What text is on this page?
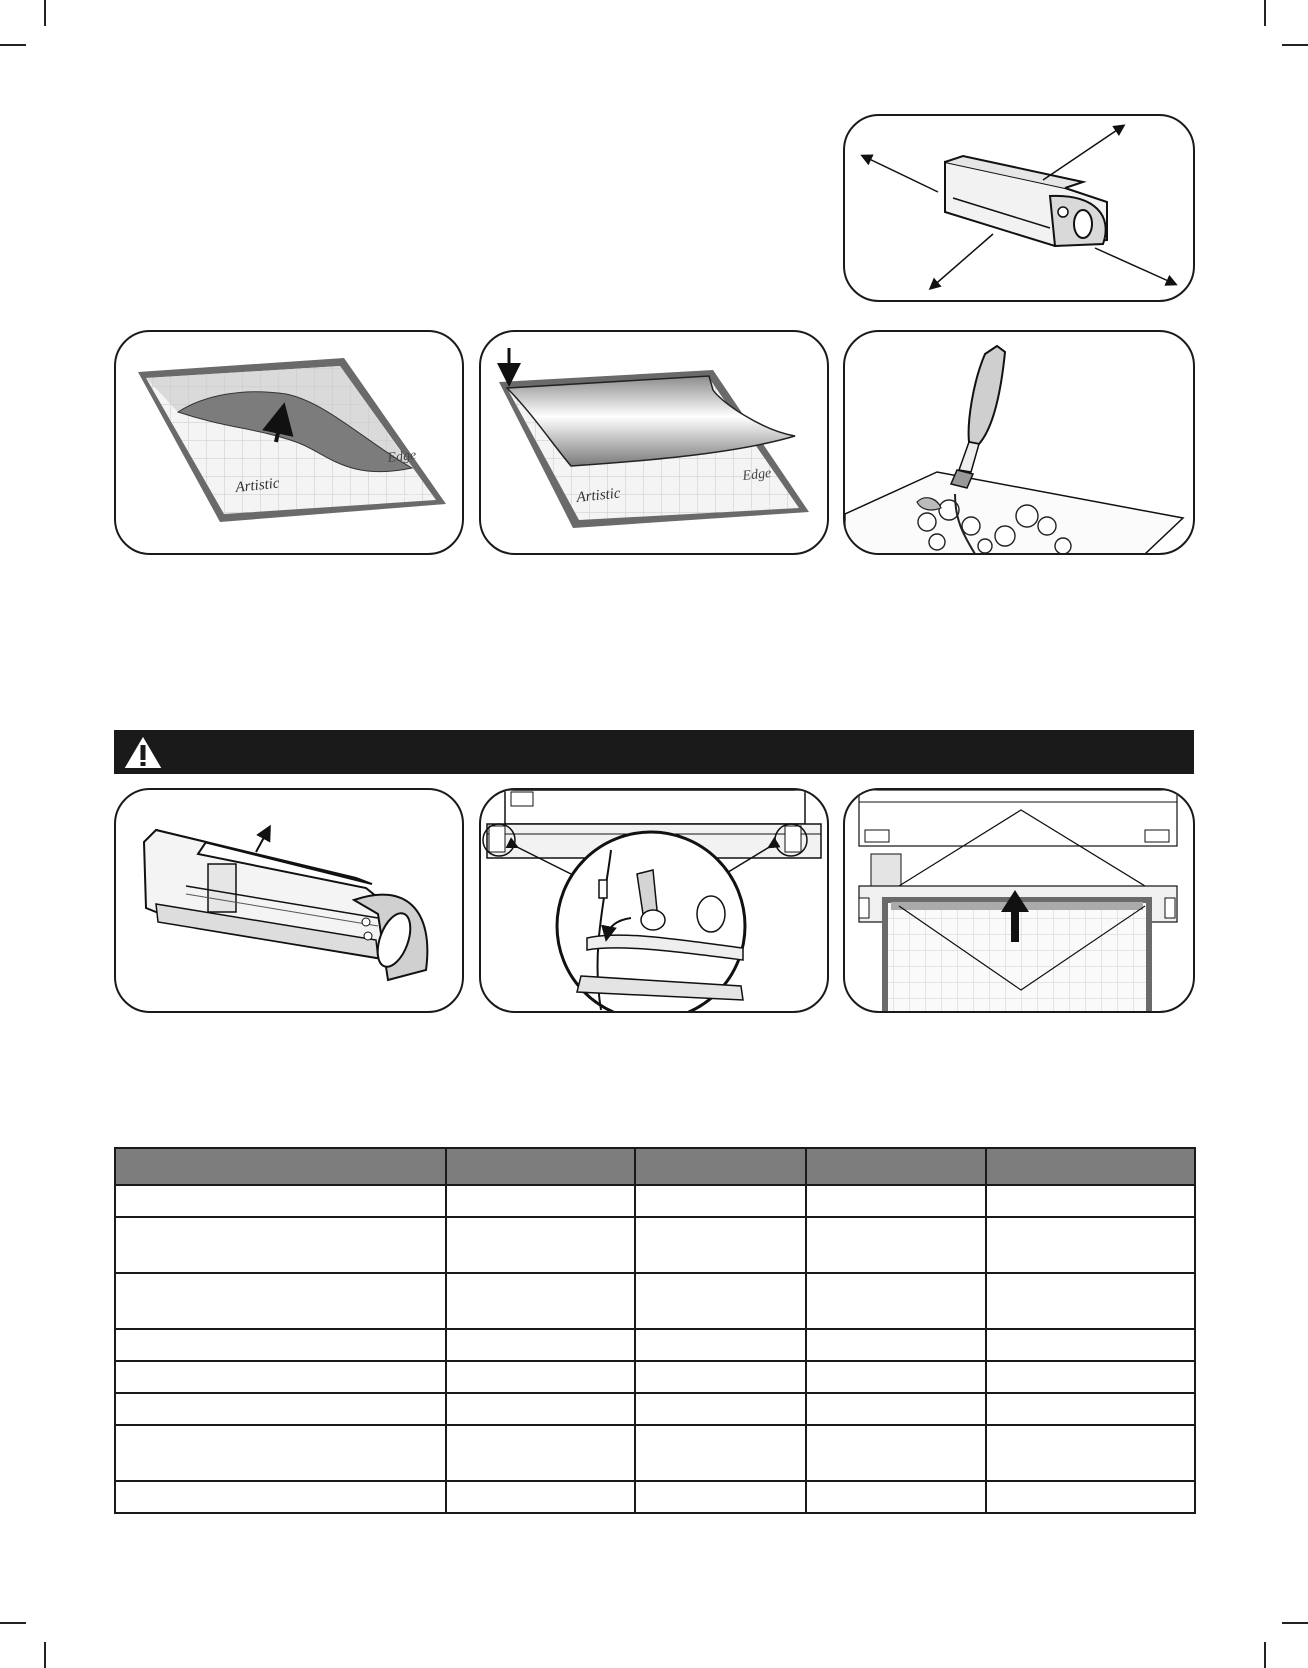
Artistic
Edge
Low-Tack Adhesive Mat	Artistic
Edge
Low-Tack Adhesive Mat
